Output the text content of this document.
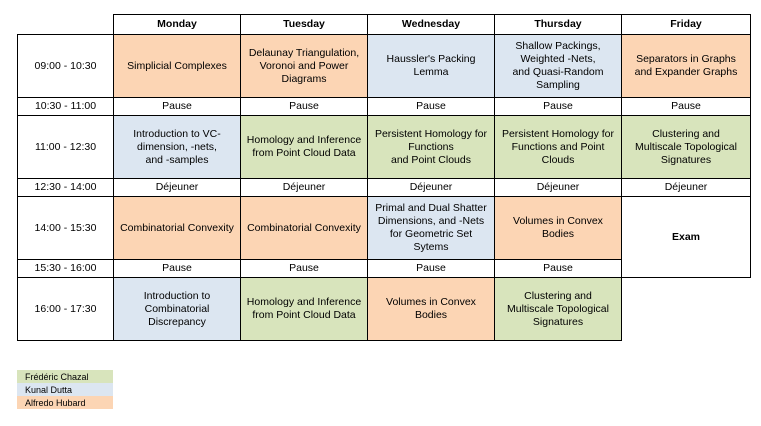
	Monday	Tuesday	Wednesday	Thursday	Friday
09:00 - 10:30	Simplicial Complexes	Delaunay Triangulation,
Voronoi and Power Diagrams	Haussler's Packing
Lemma	Shallow Packings,
Weighted -Nets,
and Quasi-Random
Sampling	Separators in Graphs
and Expander Graphs
10:30 - 11:00	Pause	Pause	Pause	Pause	Pause
11:00 - 12:30	Introduction to VC-
dimension, -nets,
and -samples	Homology and Inference
from Point Cloud Data	Persistent Homology for
Functions
and Point Clouds	Persistent Homology for
Functions and Point
Clouds	Clustering and
Multiscale Topological
Signatures
12:30 - 14:00	Déjeuner	Déjeuner	Déjeuner	Déjeuner	Déjeuner
14:00 - 15:30	Combinatorial Convexity	Combinatorial Convexity	Primal and Dual Shatter
Dimensions, and -Nets
for Geometric Set
Sytems	Volumes in Convex
Bodies	Exam
15:30 - 16:00	Pause	Pause	Pause	Pause	
16:00 - 17:30	Introduction to
Combinatorial
Discrepancy	Homology and Inference
from Point Cloud Data	Volumes in Convex
Bodies	Clustering and
Multiscale Topological
Signatures	
Frédéric Chazal
Kunal Dutta
Alfredo Hubard
